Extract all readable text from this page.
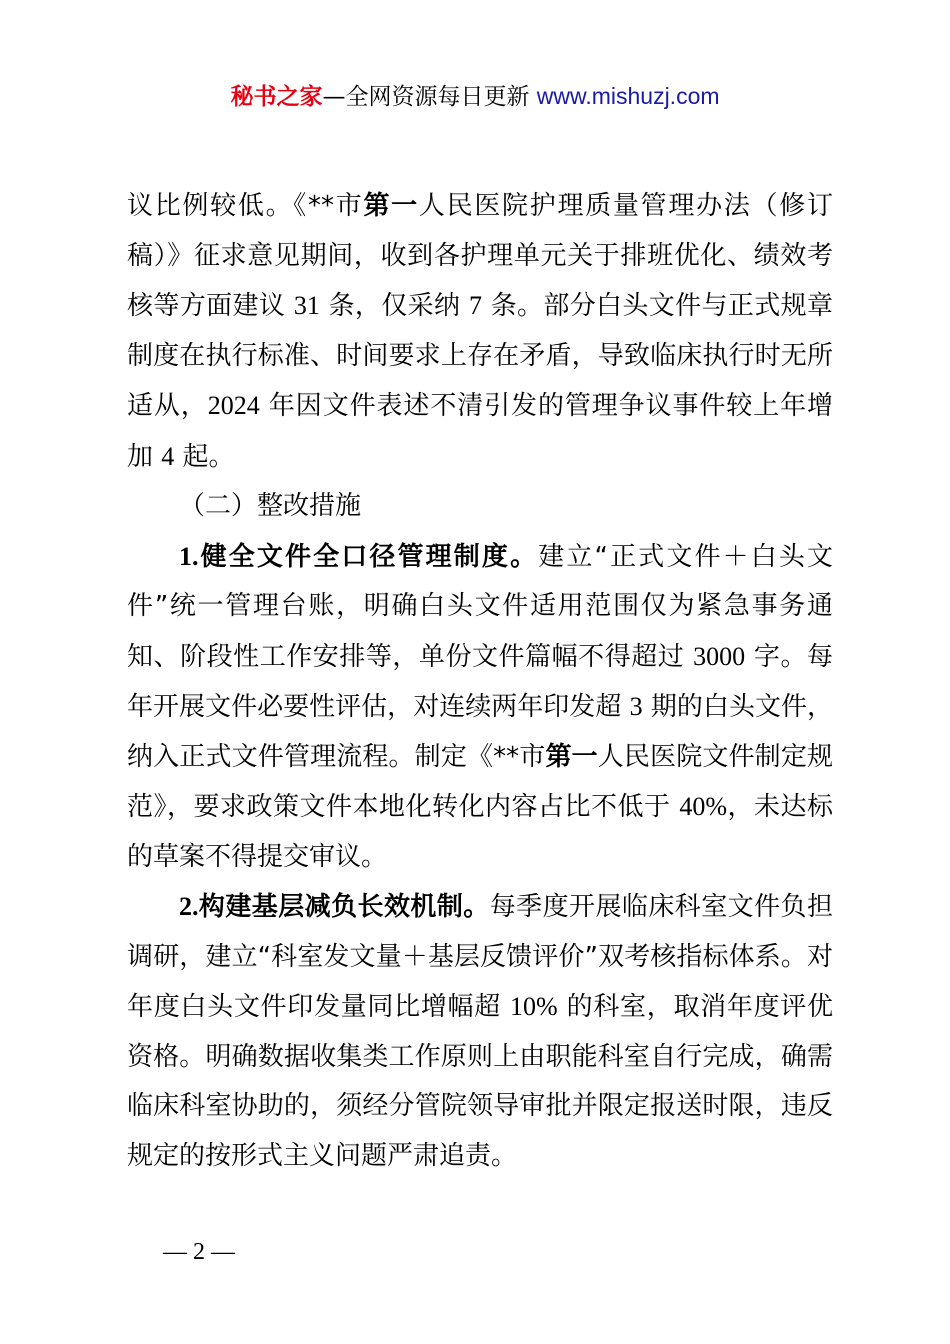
秘书之家—全网资源每日更新 www.mishuzj.com

议比例较低。《**市第一人民医院护理质量管理办法（修订稿）》征求意见期间，收到各护理单元关于排班优化、绩效考核等方面建议 31 条，仅采纳 7 条。部分白头文件与正式规章制度在执行标准、时间要求上存在矛盾，导致临床执行时无所适从，2024 年因文件表述不清引发的管理争议事件较上年增加 4 起。

（二）整改措施

1.健全文件全口径管理制度。建立“正式文件＋白头文件”统一管理台账，明确白头文件适用范围仅为紧急事务通知、阶段性工作安排等，单份文件篇幅不得超过 3000 字。每年开展文件必要性评估，对连续两年印发超 3 期的白头文件，纳入正式文件管理流程。制定《**市第一人民医院文件制定规范》，要求政策文件本地化转化内容占比不低于 40%，未达标的草案不得提交审议。

2.构建基层减负长效机制。每季度开展临床科室文件负担调研，建立“科室发文量＋基层反馈评价”双考核指标体系。对年度白头文件印发量同比增幅超 10% 的科室，取消年度评优资格。明确数据收集类工作原则上由职能科室自行完成，确需临床科室协助的，须经分管院领导审批并限定报送时限，违反规定的按形式主义问题严肃追责。

— 2 —
